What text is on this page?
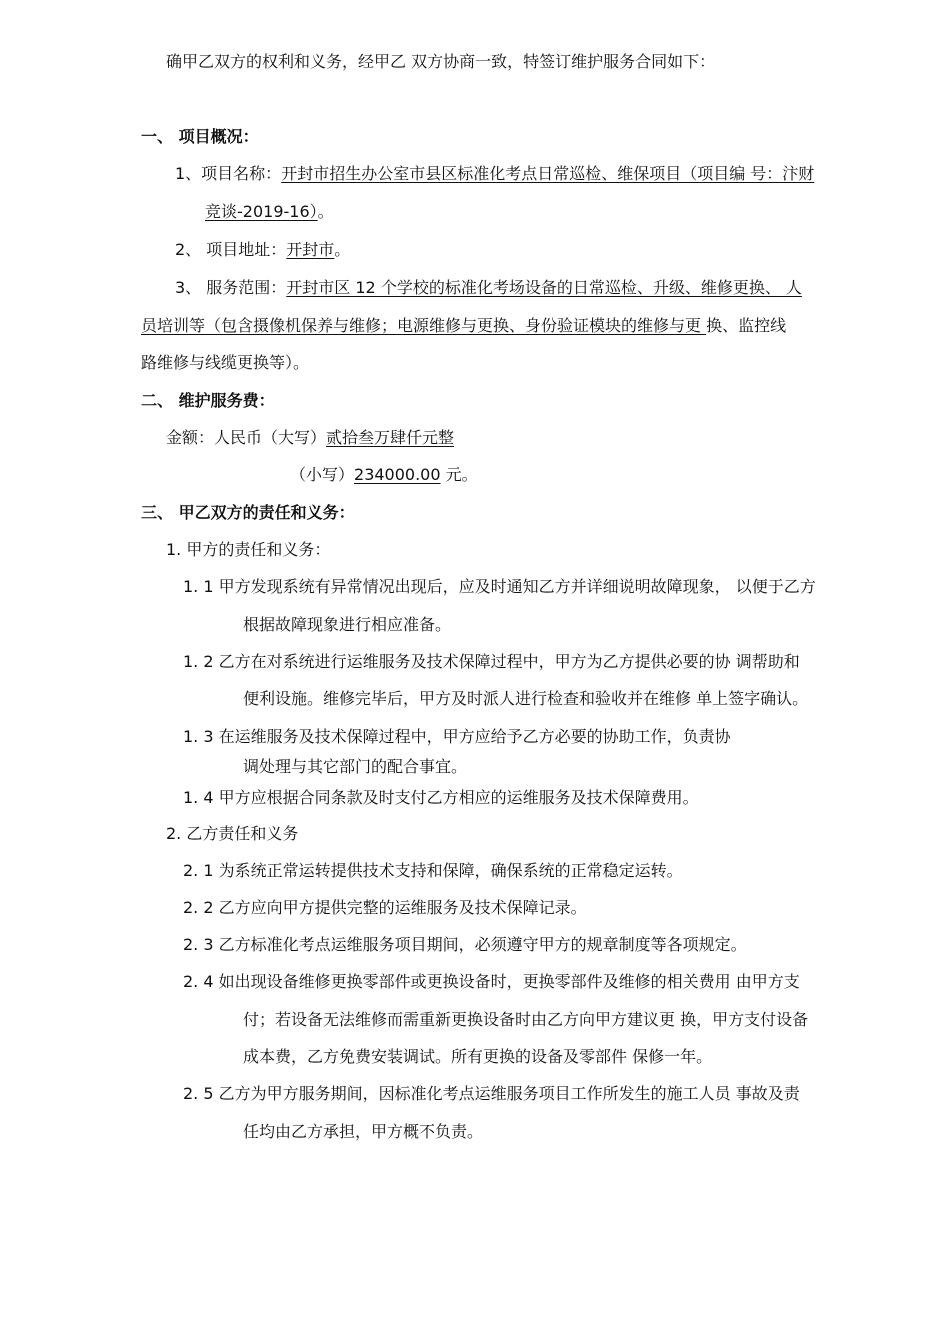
确甲乙双方的权利和义务，经甲乙 双方协商一致，特签订维护服务合同如下：
一、 项目概况：
1、项目名称：开封市招生办公室市县区标准化考点日常巡检、维保项目（项目编 号：汴财
竞谈-2019-16）。
2、 项目地址：开封市。
3、 服务范围：开封市区 12 个学校的标准化考场设备的日常巡检、升级、维修更换、 人
员培训等（包含摄像机保养与维修；电源维修与更换、身份验证模块的维修与更 换、监控线
路维修与线缆更换等）。
二、 维护服务费：
金额：人民币（大写）贰拾叁万肆仟元整
（小写）234000.00 元。
三、 甲乙双方的责任和义务：
1. 甲方的责任和义务：
1. 1 甲方发现系统有异常情况出现后，应及时通知乙方并详细说明故障现象， 以便于乙方
根据故障现象进行相应准备。
1. 2 乙方在对系统进行运维服务及技术保障过程中，甲方为乙方提供必要的协 调帮助和
便利设施。维修完毕后，甲方及时派人进行检查和验收并在维修 单上签字确认。
1. 3 在运维服务及技术保障过程中，甲方应给予乙方必要的协助工作，负责协
调处理与其它部门的配合事宜。
1. 4 甲方应根据合同条款及时支付乙方相应的运维服务及技术保障费用。
2. 乙方责任和义务
2. 1 为系统正常运转提供技术支持和保障，确保系统的正常稳定运转。
2. 2 乙方应向甲方提供完整的运维服务及技术保障记录。
2. 3 乙方标准化考点运维服务项目期间，必须遵守甲方的规章制度等各项规定。
2. 4 如出现设备维修更换零部件或更换设备时，更换零部件及维修的相关费用 由甲方支
付；若设备无法维修而需重新更换设备时由乙方向甲方建议更 换，甲方支付设备
成本费，乙方免费安装调试。所有更换的设备及零部件 保修一年。
2. 5 乙方为甲方服务期间，因标准化考点运维服务项目工作所发生的施工人员 事故及责
任均由乙方承担，甲方概不负责。
